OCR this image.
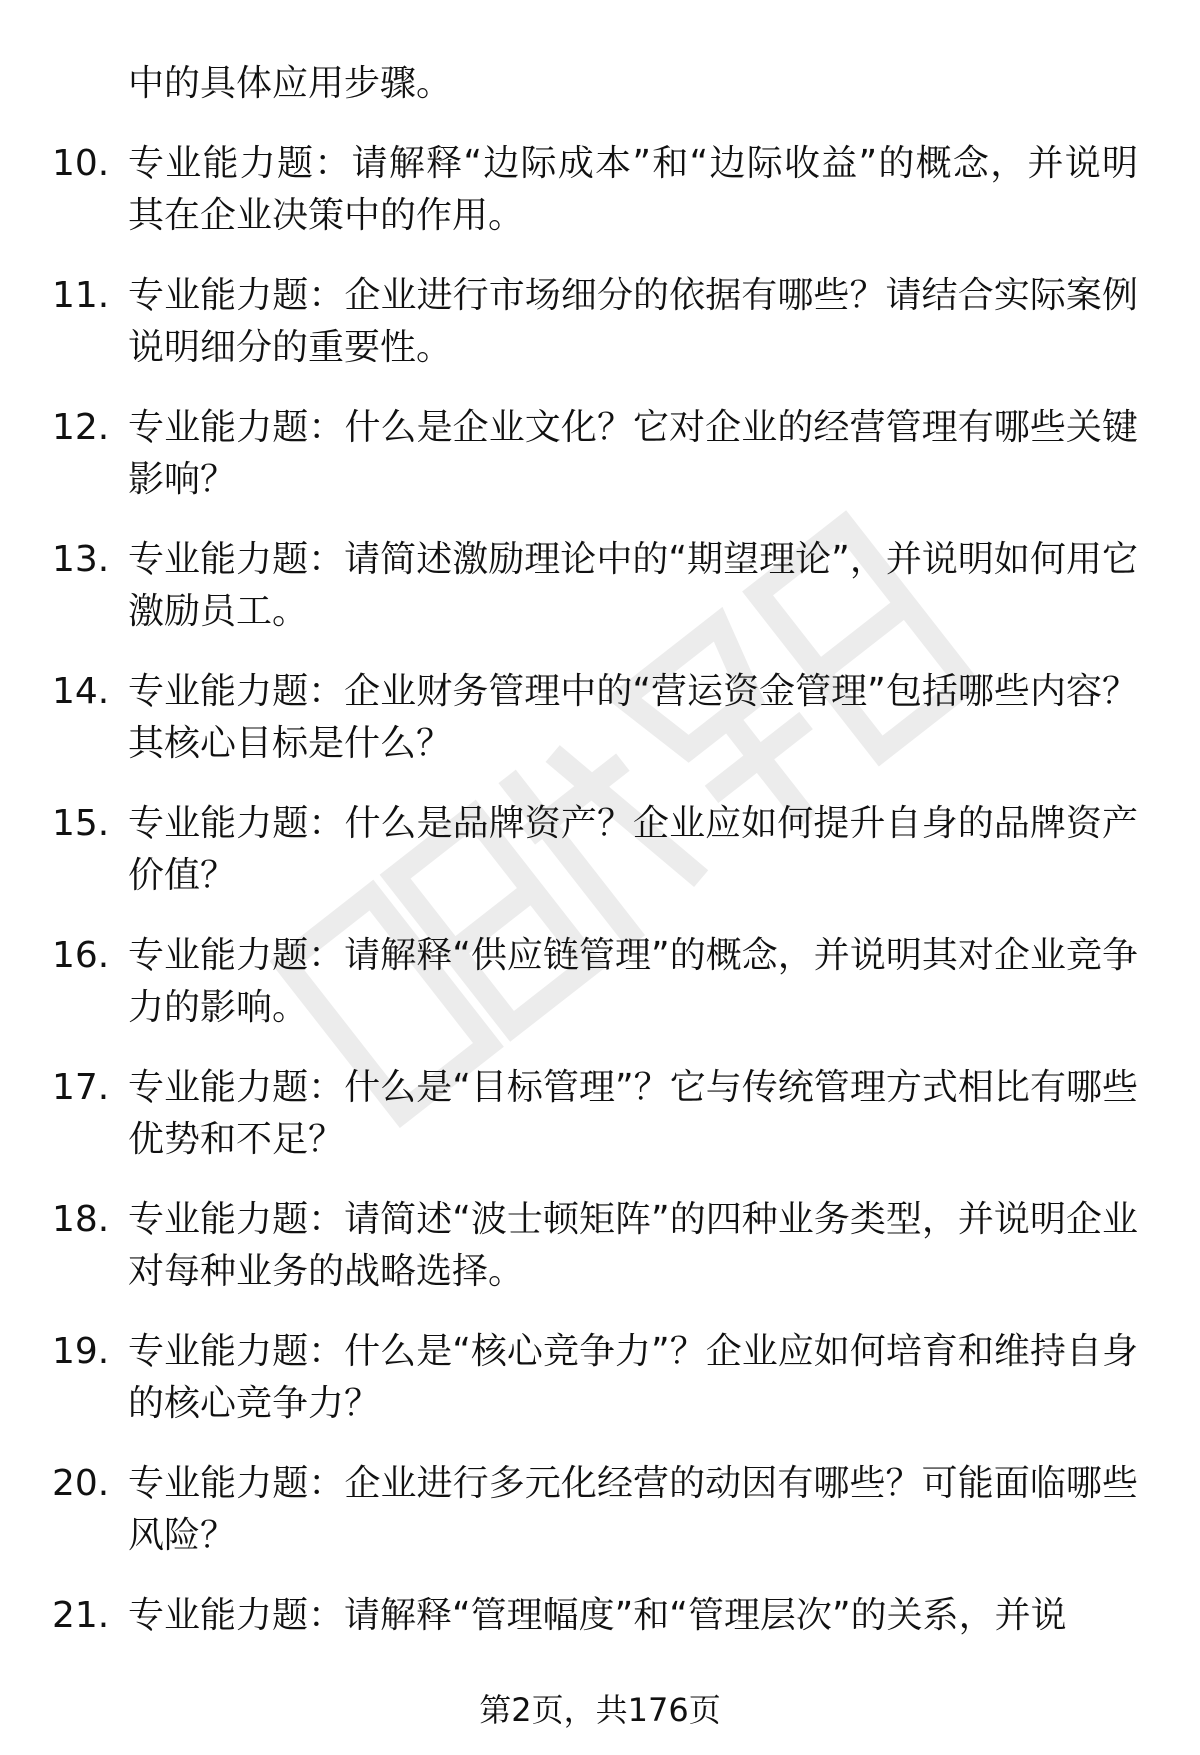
中的具体应用步骤。
10. 专业能力题：请解释“边际成本”和“边际收益”的概念，并说明其在企业决策中的作用。
11. 专业能力题：企业进行市场细分的依据有哪些？请结合实际案例说明细分的重要性。
12. 专业能力题：什么是企业文化？它对企业的经营管理有哪些关键影响？
13. 专业能力题：请简述激励理论中的“期望理论”，并说明如何用它激励员工。
14. 专业能力题：企业财务管理中的“营运资金管理”包括哪些内容？其核心目标是什么？
15. 专业能力题：什么是品牌资产？企业应如何提升自身的品牌资产价值？
16. 专业能力题：请解释“供应链管理”的概念，并说明其对企业竞争力的影响。
17. 专业能力题：什么是“目标管理”？它与传统管理方式相比有哪些优势和不足？
18. 专业能力题：请简述“波士顿矩阵”的四种业务类型，并说明企业对每种业务的战略选择。
19. 专业能力题：什么是“核心竞争力”？企业应如何培育和维持自身的核心竞争力？
20. 专业能力题：企业进行多元化经营的动因有哪些？可能面临哪些风险？
21. 专业能力题：请解释“管理幅度”和“管理层次”的关系，并说
第2页，共176页
